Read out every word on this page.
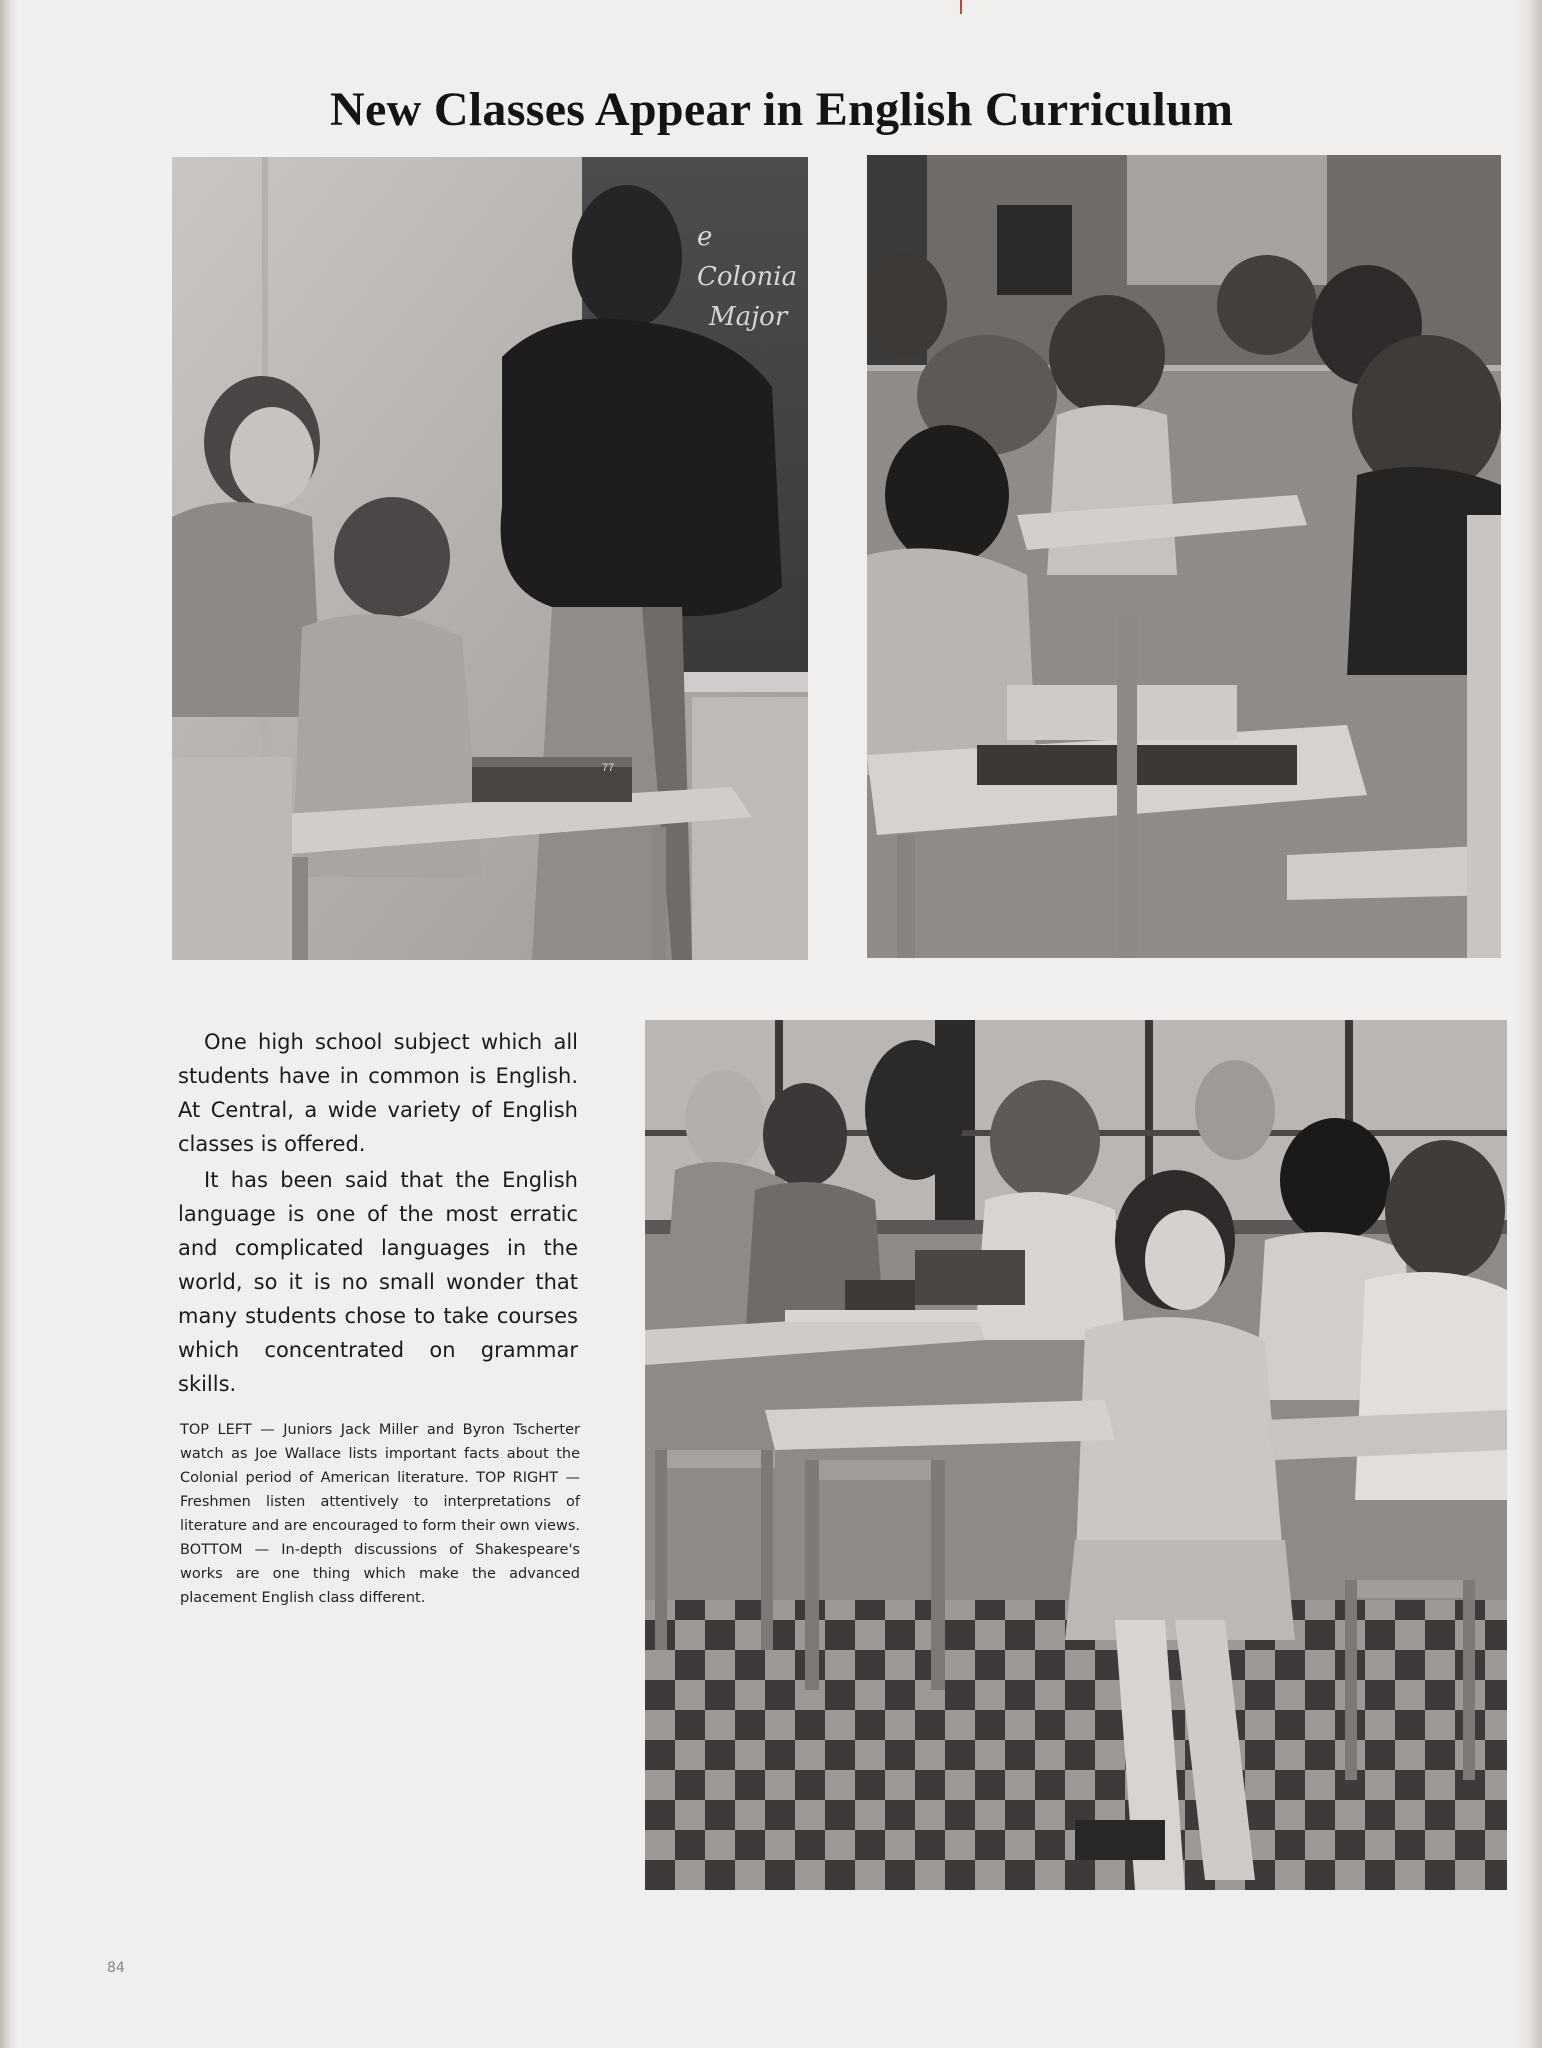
New Classes Appear in English Curriculum
e Colonia
Major
77

One high school subject which all students have in common is English. At Central, a wide variety of English classes is offered.

It has been said that the English language is one of the most erratic and complicated languages in the world, so it is no small wonder that many students chose to take courses which concentrated on grammar skills.

TOP LEFT — Juniors Jack Miller and Byron Tscherter watch as Joe Wallace lists important facts about the Colonial period of American literature. TOP RIGHT — Freshmen listen attentively to interpretations of literature and are encouraged to form their own views. BOTTOM — In-depth discussions of Shakespeare's works are one thing which make the advanced placement English class different.
84
